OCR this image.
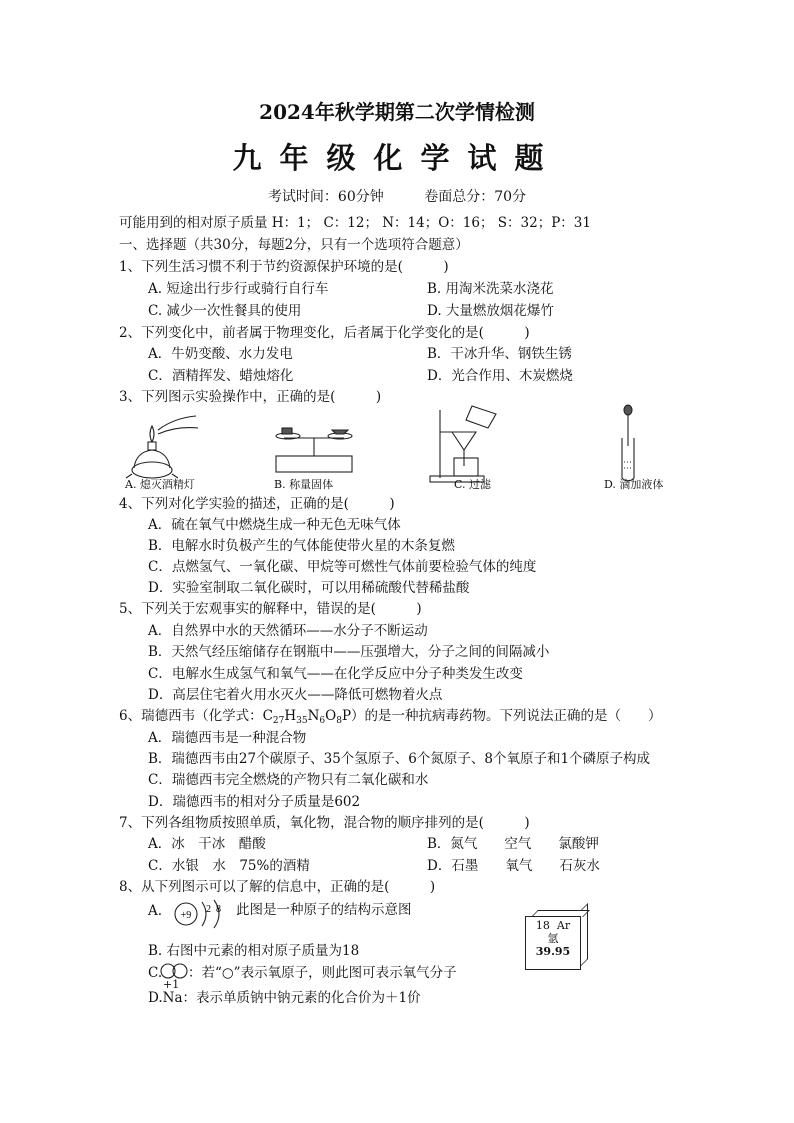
2024年秋学期第二次学情检测
九年级化学试题
考试时间：60分钟	卷面总分：70分
可能用到的相对原子质量 H：1； C：12； N：14；O：16； S：32；P：31
一、选择题（共30分，每题2分，只有一个选项符合题意）
1、下列生活习惯不利于节约资源保护环境的是(　　　)
A. 短途出行步行或骑行自行车	B. 用淘米洗菜水浇花
C. 减少一次性餐具的使用	D. 大量燃放烟花爆竹
2、下列变化中，前者属于物理变化，后者属于化学变化的是(　　　)
A．牛奶变酸、水力发电	B．干冰升华、钢铁生锈
C．酒精挥发、蜡烛熔化	D．光合作用、木炭燃烧
3、下列图示实验操作中，正确的是(　　　)
A. 熄灭酒精灯	B. 称量固体	C. 过滤	D. 滴加液体
4、下列对化学实验的描述，正确的是(　　　)
A．硫在氧气中燃烧生成一种无色无味气体
B．电解水时负极产生的气体能使带火星的木条复燃
C．点燃氢气、一氧化碳、甲烷等可燃性气体前要检验气体的纯度
D．实验室制取二氧化碳时，可以用稀硫酸代替稀盐酸
5、下列关于宏观事实的解释中，错误的是(　　　)
A．自然界中水的天然循环——水分子不断运动
B．天然气经压缩储存在钢瓶中——压强增大，分子之间的间隔减小
C．电解水生成氢气和氧气——在化学反应中分子种类发生改变
D．高层住宅着火用水灭火——降低可燃物着火点
6、瑞德西韦（化学式：$C_{27}H_{35}N_6O_8P$）的是一种抗病毒药物。下列说法正确的是（　　）
A．瑞德西韦是一种混合物
B．瑞德西韦由27个碳原子、35个氢原子、6个氮原子、8个氧原子和1个磷原子构成
C．瑞德西韦完全燃烧的产物只有二氧化碳和水
D．瑞德西韦的相对分子质量是602
7、下列各组物质按照单质，氧化物，混合物的顺序排列的是(　　　)
A．冰　干冰　醋酸	B．氮气　　空气　　氯酸钾
C．水银　水　75%的酒精	D．石墨　　氧气　　石灰水
8、从下列图示可以了解的信息中，正确的是(　　　)
A. +9
2 8 此图是一种原子的结构示意图
18 Ar
氩
39.95
B. 右图中元素的相对原子质量为18
C. ：若“○”表示氧原子，则此图可表示氧气分子
+1
D.Na：表示单质钠中钠元素的化合价为＋1价
